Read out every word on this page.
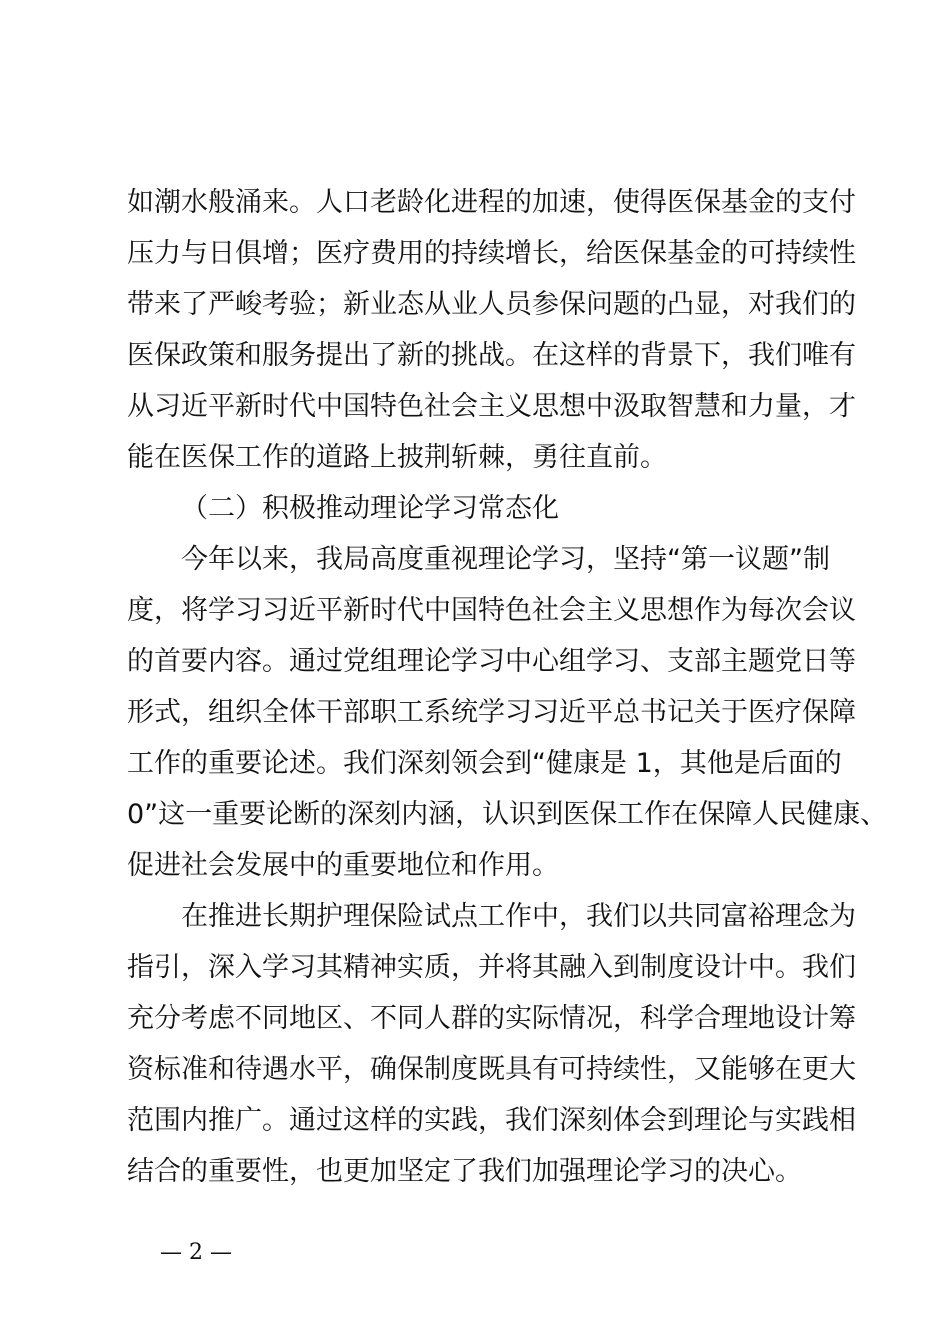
如潮水般涌来。人口老龄化进程的加速，使得医保基金的支付
压力与日俱增；医疗费用的持续增长，给医保基金的可持续性
带来了严峻考验；新业态从业人员参保问题的凸显，对我们的
医保政策和服务提出了新的挑战。在这样的背景下，我们唯有
从习近平新时代中国特色社会主义思想中汲取智慧和力量，才
能在医保工作的道路上披荆斩棘，勇往直前。
（二）积极推动理论学习常态化
今年以来，我局高度重视理论学习，坚持“第一议题”制
度，将学习习近平新时代中国特色社会主义思想作为每次会议
的首要内容。通过党组理论学习中心组学习、支部主题党日等
形式，组织全体干部职工系统学习习近平总书记关于医疗保障
工作的重要论述。我们深刻领会到“健康是 1，其他是后面的
0”这一重要论断的深刻内涵，认识到医保工作在保障人民健康、
促进社会发展中的重要地位和作用。
在推进长期护理保险试点工作中，我们以共同富裕理念为
指引，深入学习其精神实质，并将其融入到制度设计中。我们
充分考虑不同地区、不同人群的实际情况，科学合理地设计筹
资标准和待遇水平，确保制度既具有可持续性，又能够在更大
范围内推广。通过这样的实践，我们深刻体会到理论与实践相
结合的重要性，也更加坚定了我们加强理论学习的决心。
— 2 —
